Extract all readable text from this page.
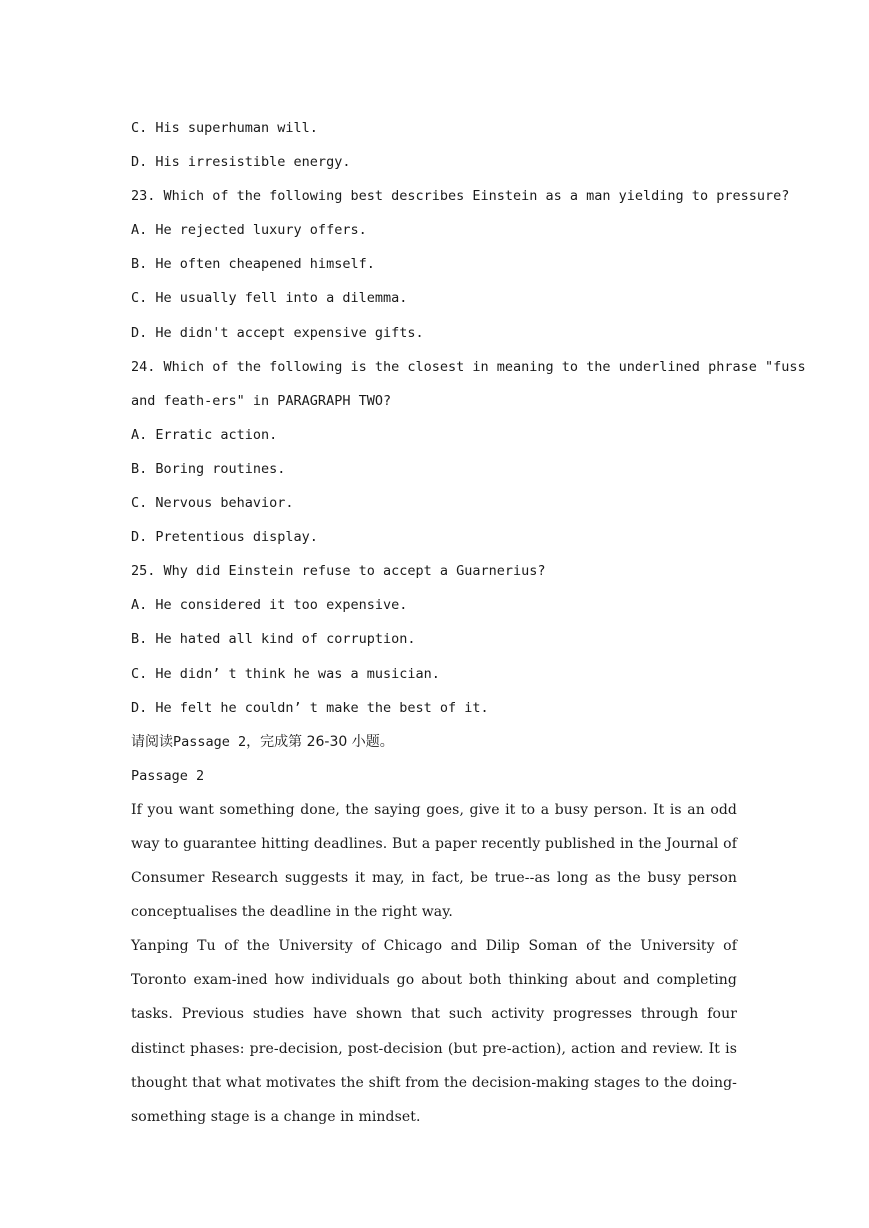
C. His superhuman will.
D. His irresistible energy.
23. Which of the following best describes Einstein as a man yielding to pressure?
A. He rejected luxury offers.
B. He often cheapened himself.
C. He usually fell into a dilemma.
D. He didn't accept expensive gifts.
24. Which of the following is the closest in meaning to the underlined phrase "fuss
and feath-ers" in PARAGRAPH TWO?
A. Erratic action.
B. Boring routines.
C. Nervous behavior.
D. Pretentious display.
25. Why did Einstein refuse to accept a Guarnerius?
A. He considered it too expensive.
B. He hated all kind of corruption.
C. He didn’ t think he was a musician.
D. He felt he couldn’ t make the best of it.
请阅读Passage 2，完成第 26-30 小题。
Passage 2

If you want something done, the saying goes, give it to a busy person. It is an odd way to guarantee hitting deadlines. But a paper recently published in the Journal of Consumer Research suggests it may, in fact, be true--as long as the busy person conceptualises the deadline in the right way.

Yanping Tu of the University of Chicago and Dilip Soman of the University of Toronto exam-ined how individuals go about both thinking about and completing tasks. Previous studies have shown that such activity progresses through four distinct phases: pre-decision, post-decision (but pre-action), action and review. It is thought that what motivates the shift from the decision-making stages to the doing-something stage is a change in mindset.
